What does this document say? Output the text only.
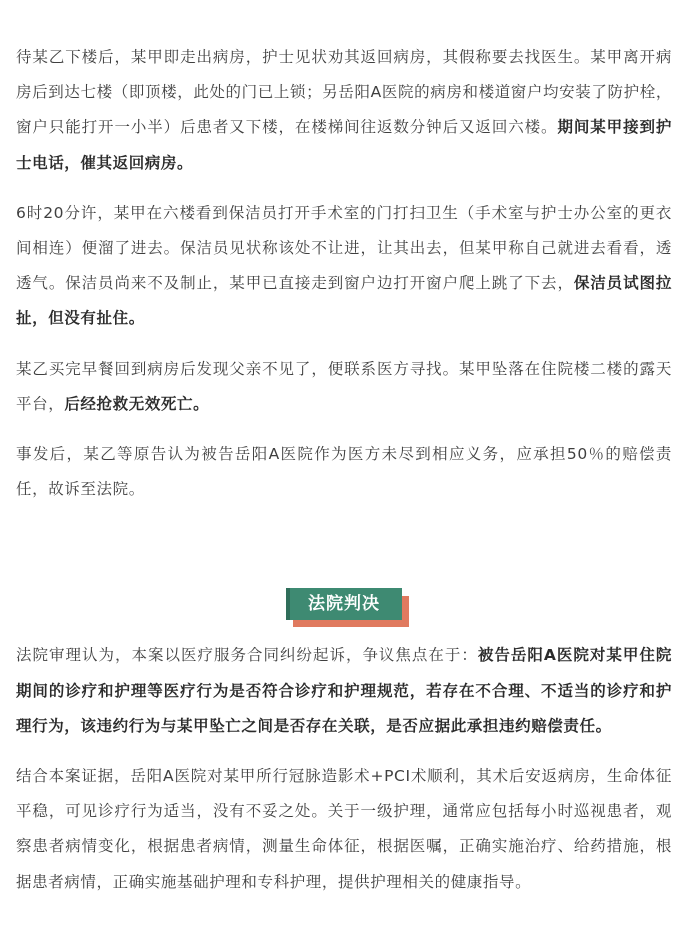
待某乙下楼后，某甲即走出病房，护士见状劝其返回病房，其假称要去找医生。某甲离开病房后到达七楼（即顶楼，此处的门已上锁；另岳阳A医院的病房和楼道窗户均安装了防护栓，窗户只能打开一小半）后患者又下楼，在楼梯间往返数分钟后又返回六楼。期间某甲接到护士电话，催其返回病房。

6时20分许，某甲在六楼看到保洁员打开手术室的门打扫卫生（手术室与护士办公室的更衣间相连）便溜了进去。保洁员见状称该处不让进，让其出去，但某甲称自己就进去看看，透透气。保洁员尚来不及制止，某甲已直接走到窗户边打开窗户爬上跳了下去，保洁员试图拉扯，但没有扯住。

某乙买完早餐回到病房后发现父亲不见了，便联系医方寻找。某甲坠落在住院楼二楼的露天平台，后经抢救无效死亡。

事发后，某乙等原告认为被告岳阳A医院作为医方未尽到相应义务，应承担50％的赔偿责任，故诉至法院。

法院判决

法院审理认为，本案以医疗服务合同纠纷起诉，争议焦点在于：被告岳阳A医院对某甲住院期间的诊疗和护理等医疗行为是否符合诊疗和护理规范，若存在不合理、不适当的诊疗和护理行为，该违约行为与某甲坠亡之间是否存在关联，是否应据此承担违约赔偿责任。

结合本案证据，岳阳A医院对某甲所行冠脉造影术+PCI术顺利，其术后安返病房，生命体征平稳，可见诊疗行为适当，没有不妥之处。关于一级护理，通常应包括每小时巡视患者，观察患者病情变化，根据患者病情，测量生命体征，根据医嘱，正确实施治疗、给药措施，根据患者病情，正确实施基础护理和专科护理，提供护理相关的健康指导。
